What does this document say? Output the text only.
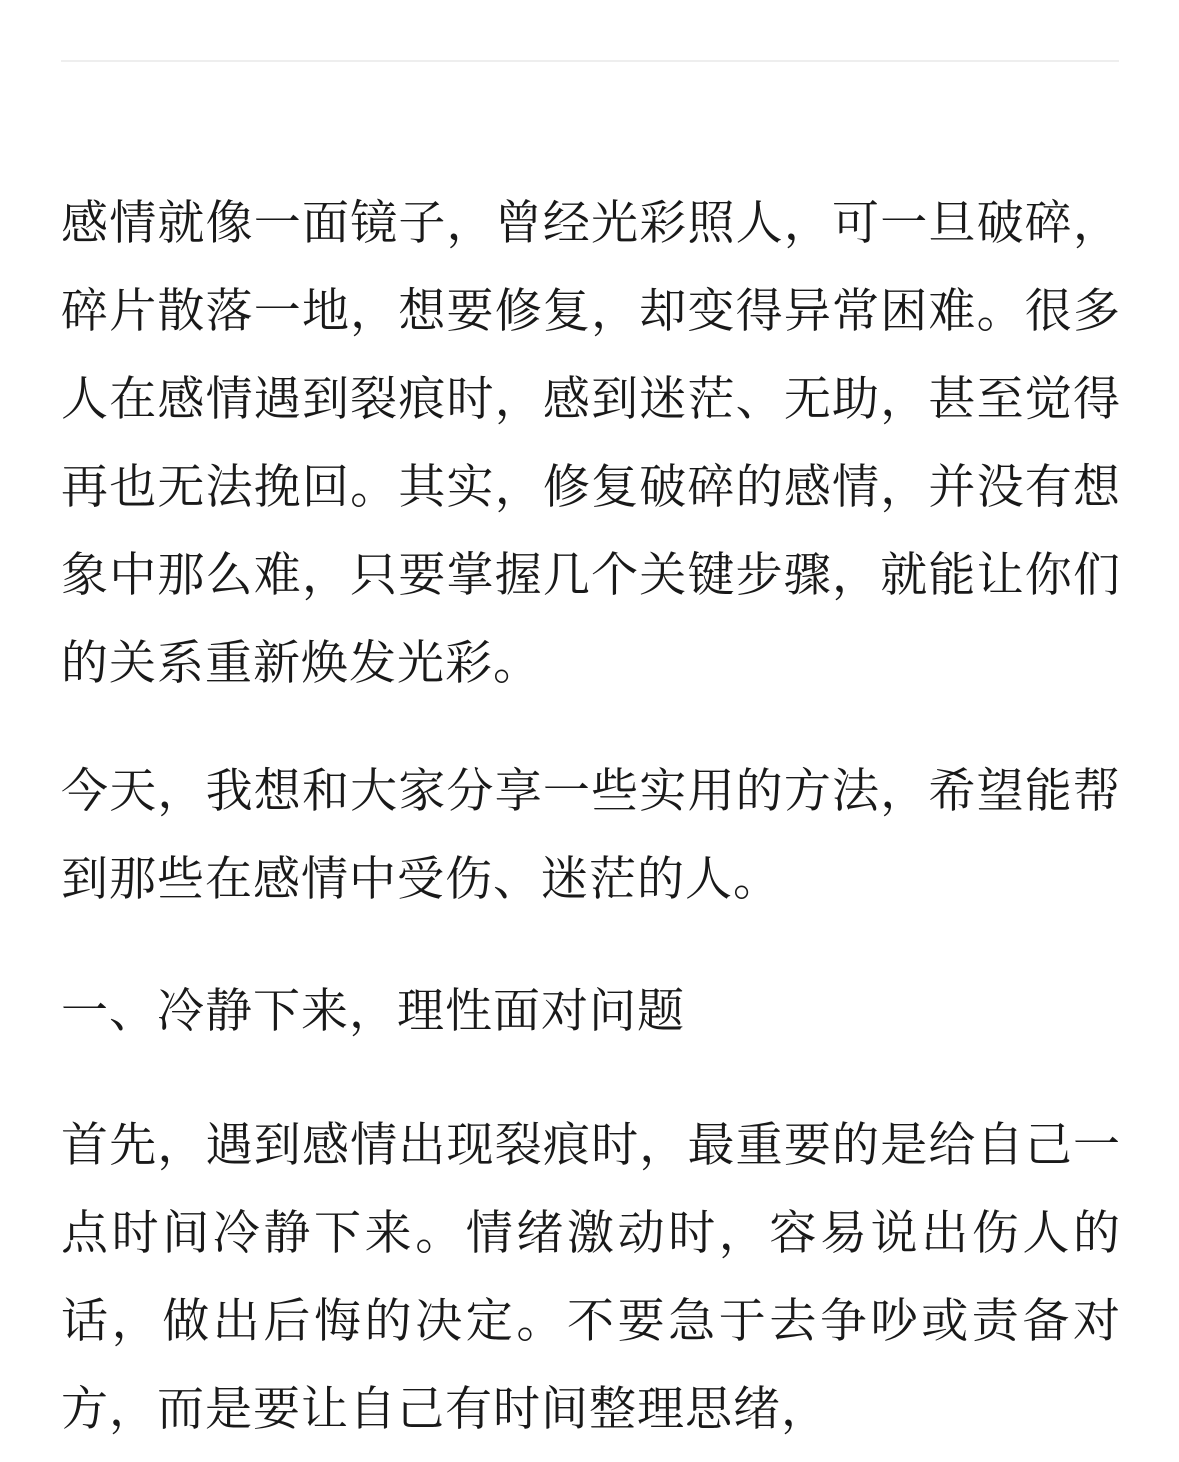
感情就像一面镜子，曾经光彩照人，可一旦破碎，碎片散落一地，想要修复，却变得异常困难。很多人在感情遇到裂痕时，感到迷茫、无助，甚至觉得再也无法挽回。其实，修复破碎的感情，并没有想象中那么难，只要掌握几个关键步骤，就能让你们的关系重新焕发光彩。

今天，我想和大家分享一些实用的方法，希望能帮到那些在感情中受伤、迷茫的人。

一、冷静下来，理性面对问题

首先，遇到感情出现裂痕时，最重要的是给自己一点时间冷静下来。情绪激动时，容易说出伤人的话，做出后悔的决定。不要急于去争吵或责备对方，而是要让自己有时间整理思绪，
